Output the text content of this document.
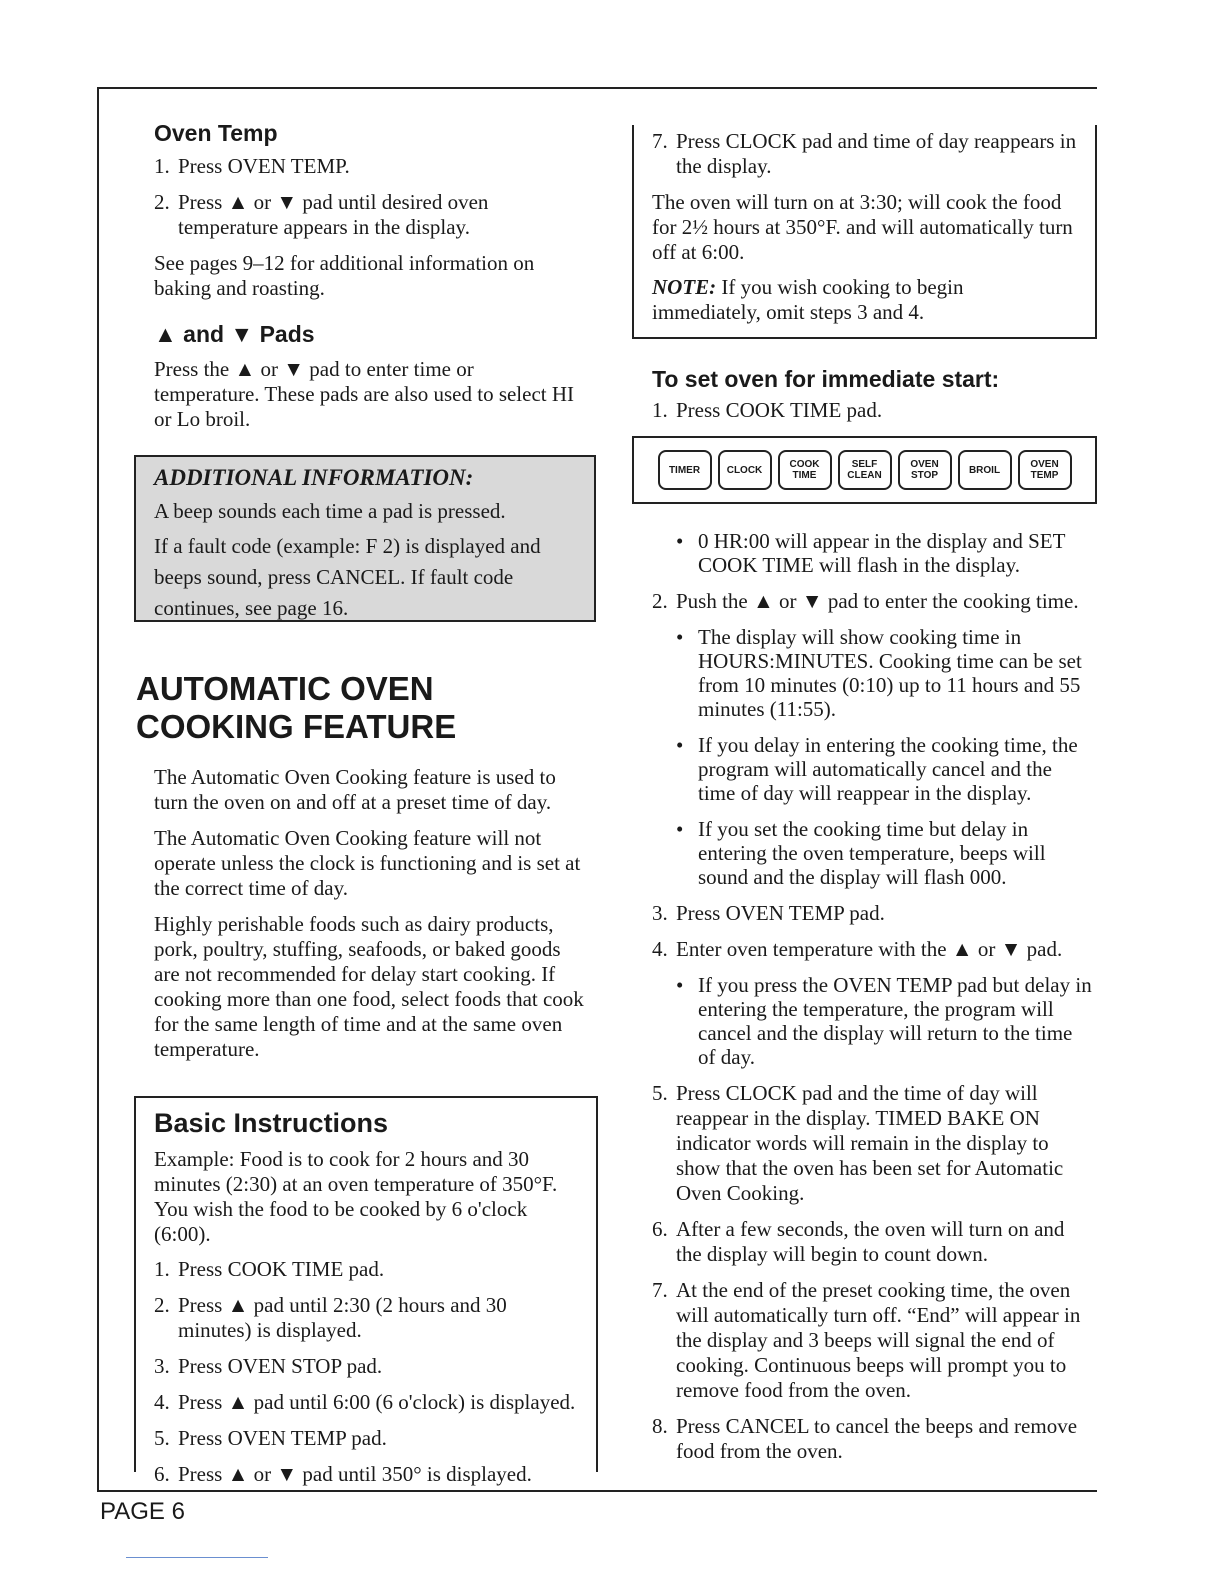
Oven Temp
1. Press OVEN TEMP.
2. Press ▲ or ▼ pad until desired oven temperature appears in the display.

See pages 9–12 for additional information on baking and roasting.

▲ and ▼ Pads

Press the ▲ or ▼ pad to enter time or temperature. These pads are also used to select HI or Lo broil.

ADDITIONAL INFORMATION:

A beep sounds each time a pad is pressed.

If a fault code (example: F 2) is displayed and beeps sound, press CANCEL. If fault code continues, see page 16.

AUTOMATIC OVEN
COOKING FEATURE

The Automatic Oven Cooking feature is used to turn the oven on and off at a preset time of day.

The Automatic Oven Cooking feature will not operate unless the clock is functioning and is set at the correct time of day.

Highly perishable foods such as dairy products, pork, poultry, stuffing, seafoods, or baked goods are not recommended for delay start cooking. If cooking more than one food, select foods that cook for the same length of time and at the same oven temperature.

Basic Instructions

Example: Food is to cook for 2 hours and 30 minutes (2:30) at an oven temperature of 350°F. You wish the food to be cooked by 6 o'clock (6:00).

1. Press COOK TIME pad.
2. Press ▲ pad until 2:30 (2 hours and 30 minutes) is displayed.
3. Press OVEN STOP pad.
4. Press ▲ pad until 6:00 (6 o'clock) is displayed.
5. Press OVEN TEMP pad.
6. Press ▲ or ▼ pad until 350° is displayed.
7. Press CLOCK pad and time of day reappears in the display.

The oven will turn on at 3:30; will cook the food for 2½ hours at 350°F. and will automatically turn off at 6:00.

NOTE: If you wish cooking to begin immediately, omit steps 3 and 4.

To set oven for immediate start:
1. Press COOK TIME pad.
TIMER	CLOCK	COOK
TIME
SELF
CLEAN
OVEN
STOP	BROIL	OVEN
TEMP
• 0 HR:00 will appear in the display and SET COOK TIME will flash in the display.
2. Push the ▲ or ▼ pad to enter the cooking time.
• The display will show cooking time in HOURS:MINUTES. Cooking time can be set from 10 minutes (0:10) up to 11 hours and 55 minutes (11:55).
• If you delay in entering the cooking time, the program will automatically cancel and the time of day will reappear in the display.
• If you set the cooking time but delay in entering the oven temperature, beeps will sound and the display will flash 000.
3. Press OVEN TEMP pad.
4. Enter oven temperature with the ▲ or ▼ pad.
• If you press the OVEN TEMP pad but delay in entering the temperature, the program will cancel and the display will return to the time of day.
5. Press CLOCK pad and the time of day will reappear in the display. TIMED BAKE ON indicator words will remain in the display to show that the oven has been set for Automatic Oven Cooking.
6. After a few seconds, the oven will turn on and the display will begin to count down.
7. At the end of the preset cooking time, the oven will automatically turn off. “End” will appear in the display and 3 beeps will signal the end of cooking. Continuous beeps will prompt you to remove food from the oven.
8. Press CANCEL to cancel the beeps and remove food from the oven.
PAGE 6
